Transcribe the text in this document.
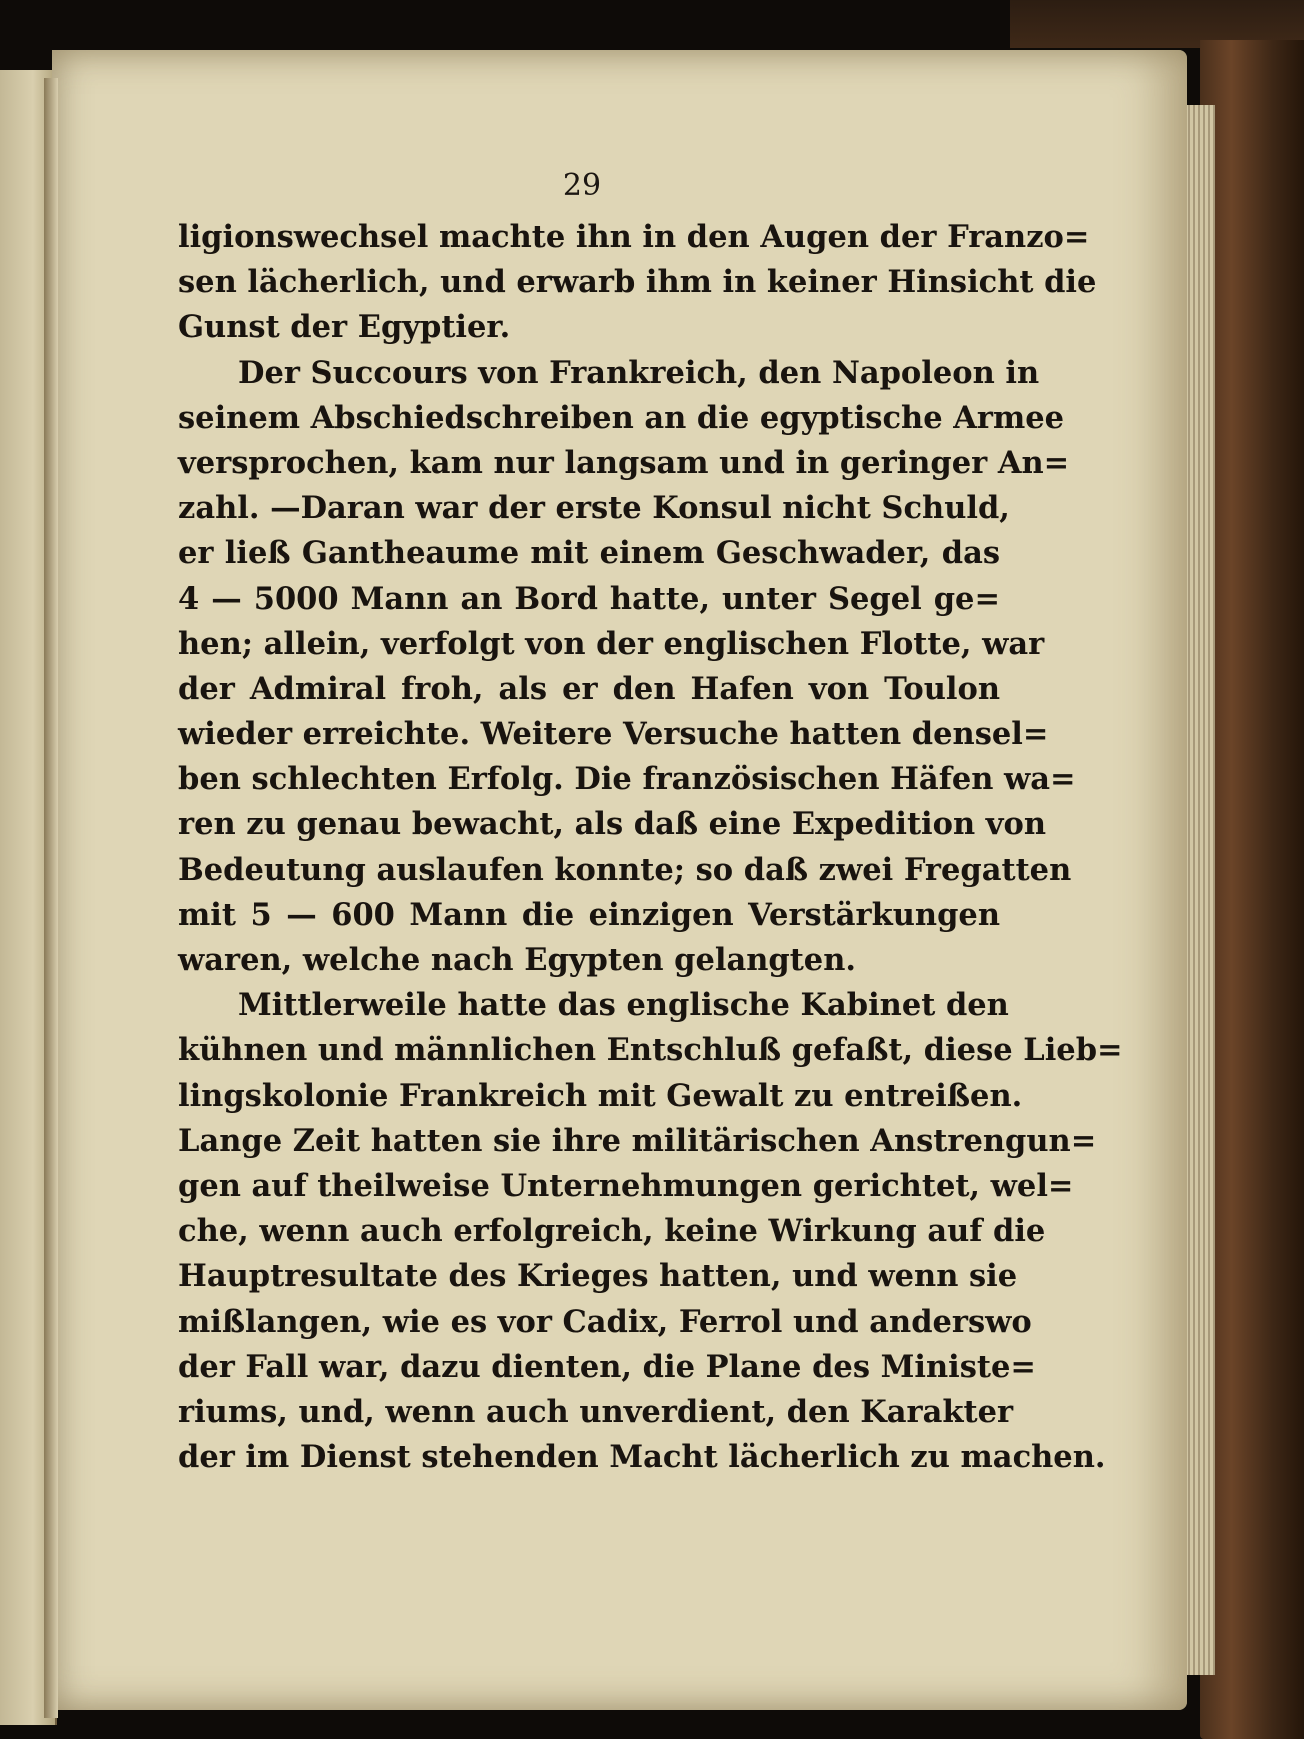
29
ligionswechsel machte ihn in den Augen der Franzo=
sen lächerlich, und erwarb ihm in keiner Hinsicht die
Gunst der Egyptier.
Der Succours von Frankreich, den Napoleon in
seinem Abschiedschreiben an die egyptische Armee
versprochen, kam nur langsam und in geringer An=
zahl. —Daran war der erste Konsul nicht Schuld,
er ließ Gantheaume mit einem Geschwader, das
4 — 5000 Mann an Bord hatte, unter Segel ge=
hen; allein, verfolgt von der englischen Flotte, war
der Admiral froh, als er den Hafen von Toulon
wieder erreichte. Weitere Versuche hatten densel=
ben schlechten Erfolg. Die französischen Häfen wa=
ren zu genau bewacht, als daß eine Expedition von
Bedeutung auslaufen konnte; so daß zwei Fregatten
mit 5 — 600 Mann die einzigen Verstärkungen
waren, welche nach Egypten gelangten.
Mittlerweile hatte das englische Kabinet den
kühnen und männlichen Entschluß gefaßt, diese Lieb=
lingskolonie Frankreich mit Gewalt zu entreißen.
Lange Zeit hatten sie ihre militärischen Anstrengun=
gen auf theilweise Unternehmungen gerichtet, wel=
che, wenn auch erfolgreich, keine Wirkung auf die
Hauptresultate des Krieges hatten, und wenn sie
mißlangen, wie es vor Cadix, Ferrol und anderswo
der Fall war, dazu dienten, die Plane des Ministe=
riums, und, wenn auch unverdient, den Karakter
der im Dienst stehenden Macht lächerlich zu machen.
